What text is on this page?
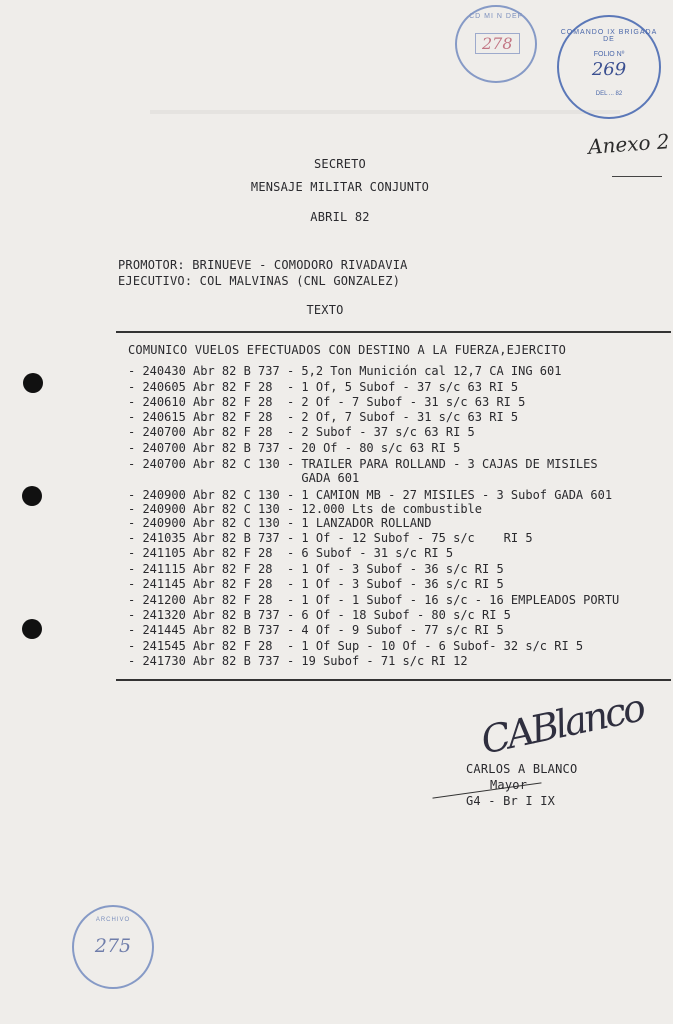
CD MI N DEF
278
COMANDO IX BRIGADA DE
FOLIO Nº
269
DEL ... 82
ARCHIVO
275
Anexo 2
SECRETO
MENSAJE MILITAR CONJUNTO
ABRIL 82
PROMOTOR: BRINUEVE - COMODORO RIVADAVIA
EJECUTIVO: COL MALVINAS (CNL GONZALEZ)
TEXTO
COMUNICO VUELOS EFECTUADOS CON DESTINO A LA FUERZA,EJERCITO
- 240430 Abr 82 B 737 - 5,2 Ton Munición cal 12,7 CA ING 601
- 240605 Abr 82 F 28  - 1 Of, 5 Subof - 37 s/c 63 RI 5
- 240610 Abr 82 F 28  - 2 Of - 7 Subof - 31 s/c 63 RI 5
- 240615 Abr 82 F 28  - 2 Of, 7 Subof - 31 s/c 63 RI 5
- 240700 Abr 82 F 28  - 2 Subof - 37 s/c 63 RI 5
- 240700 Abr 82 B 737 - 20 Of - 80 s/c 63 RI 5
- 240700 Abr 82 C 130 - TRAILER PARA ROLLAND - 3 CAJAS DE MISILES
GADA 601
- 240900 Abr 82 C 130 - 1 CAMION MB - 27 MISILES - 3 Subof GADA 601
- 240900 Abr 82 C 130 - 12.000 Lts de combustible
- 240900 Abr 82 C 130 - 1 LANZADOR ROLLAND
- 241035 Abr 82 B 737 - 1 Of - 12 Subof - 75 s/c    RI 5
- 241105 Abr 82 F 28  - 6 Subof - 31 s/c RI 5
- 241115 Abr 82 F 28  - 1 Of - 3 Subof - 36 s/c RI 5
- 241145 Abr 82 F 28  - 1 Of - 3 Subof - 36 s/c RI 5
- 241200 Abr 82 F 28  - 1 Of - 1 Subof - 16 s/c - 16 EMPLEADOS PORTU
- 241320 Abr 82 B 737 - 6 Of - 18 Subof - 80 s/c RI 5
- 241445 Abr 82 B 737 - 4 Of - 9 Subof - 77 s/c RI 5
- 241545 Abr 82 F 28  - 1 Of Sup - 10 Of - 6 Subof- 32 s/c RI 5
- 241730 Abr 82 B 737 - 19 Subof - 71 s/c RI 12
CABlanco
CARLOS A BLANCO
Mayor
G4 - Br I IX
